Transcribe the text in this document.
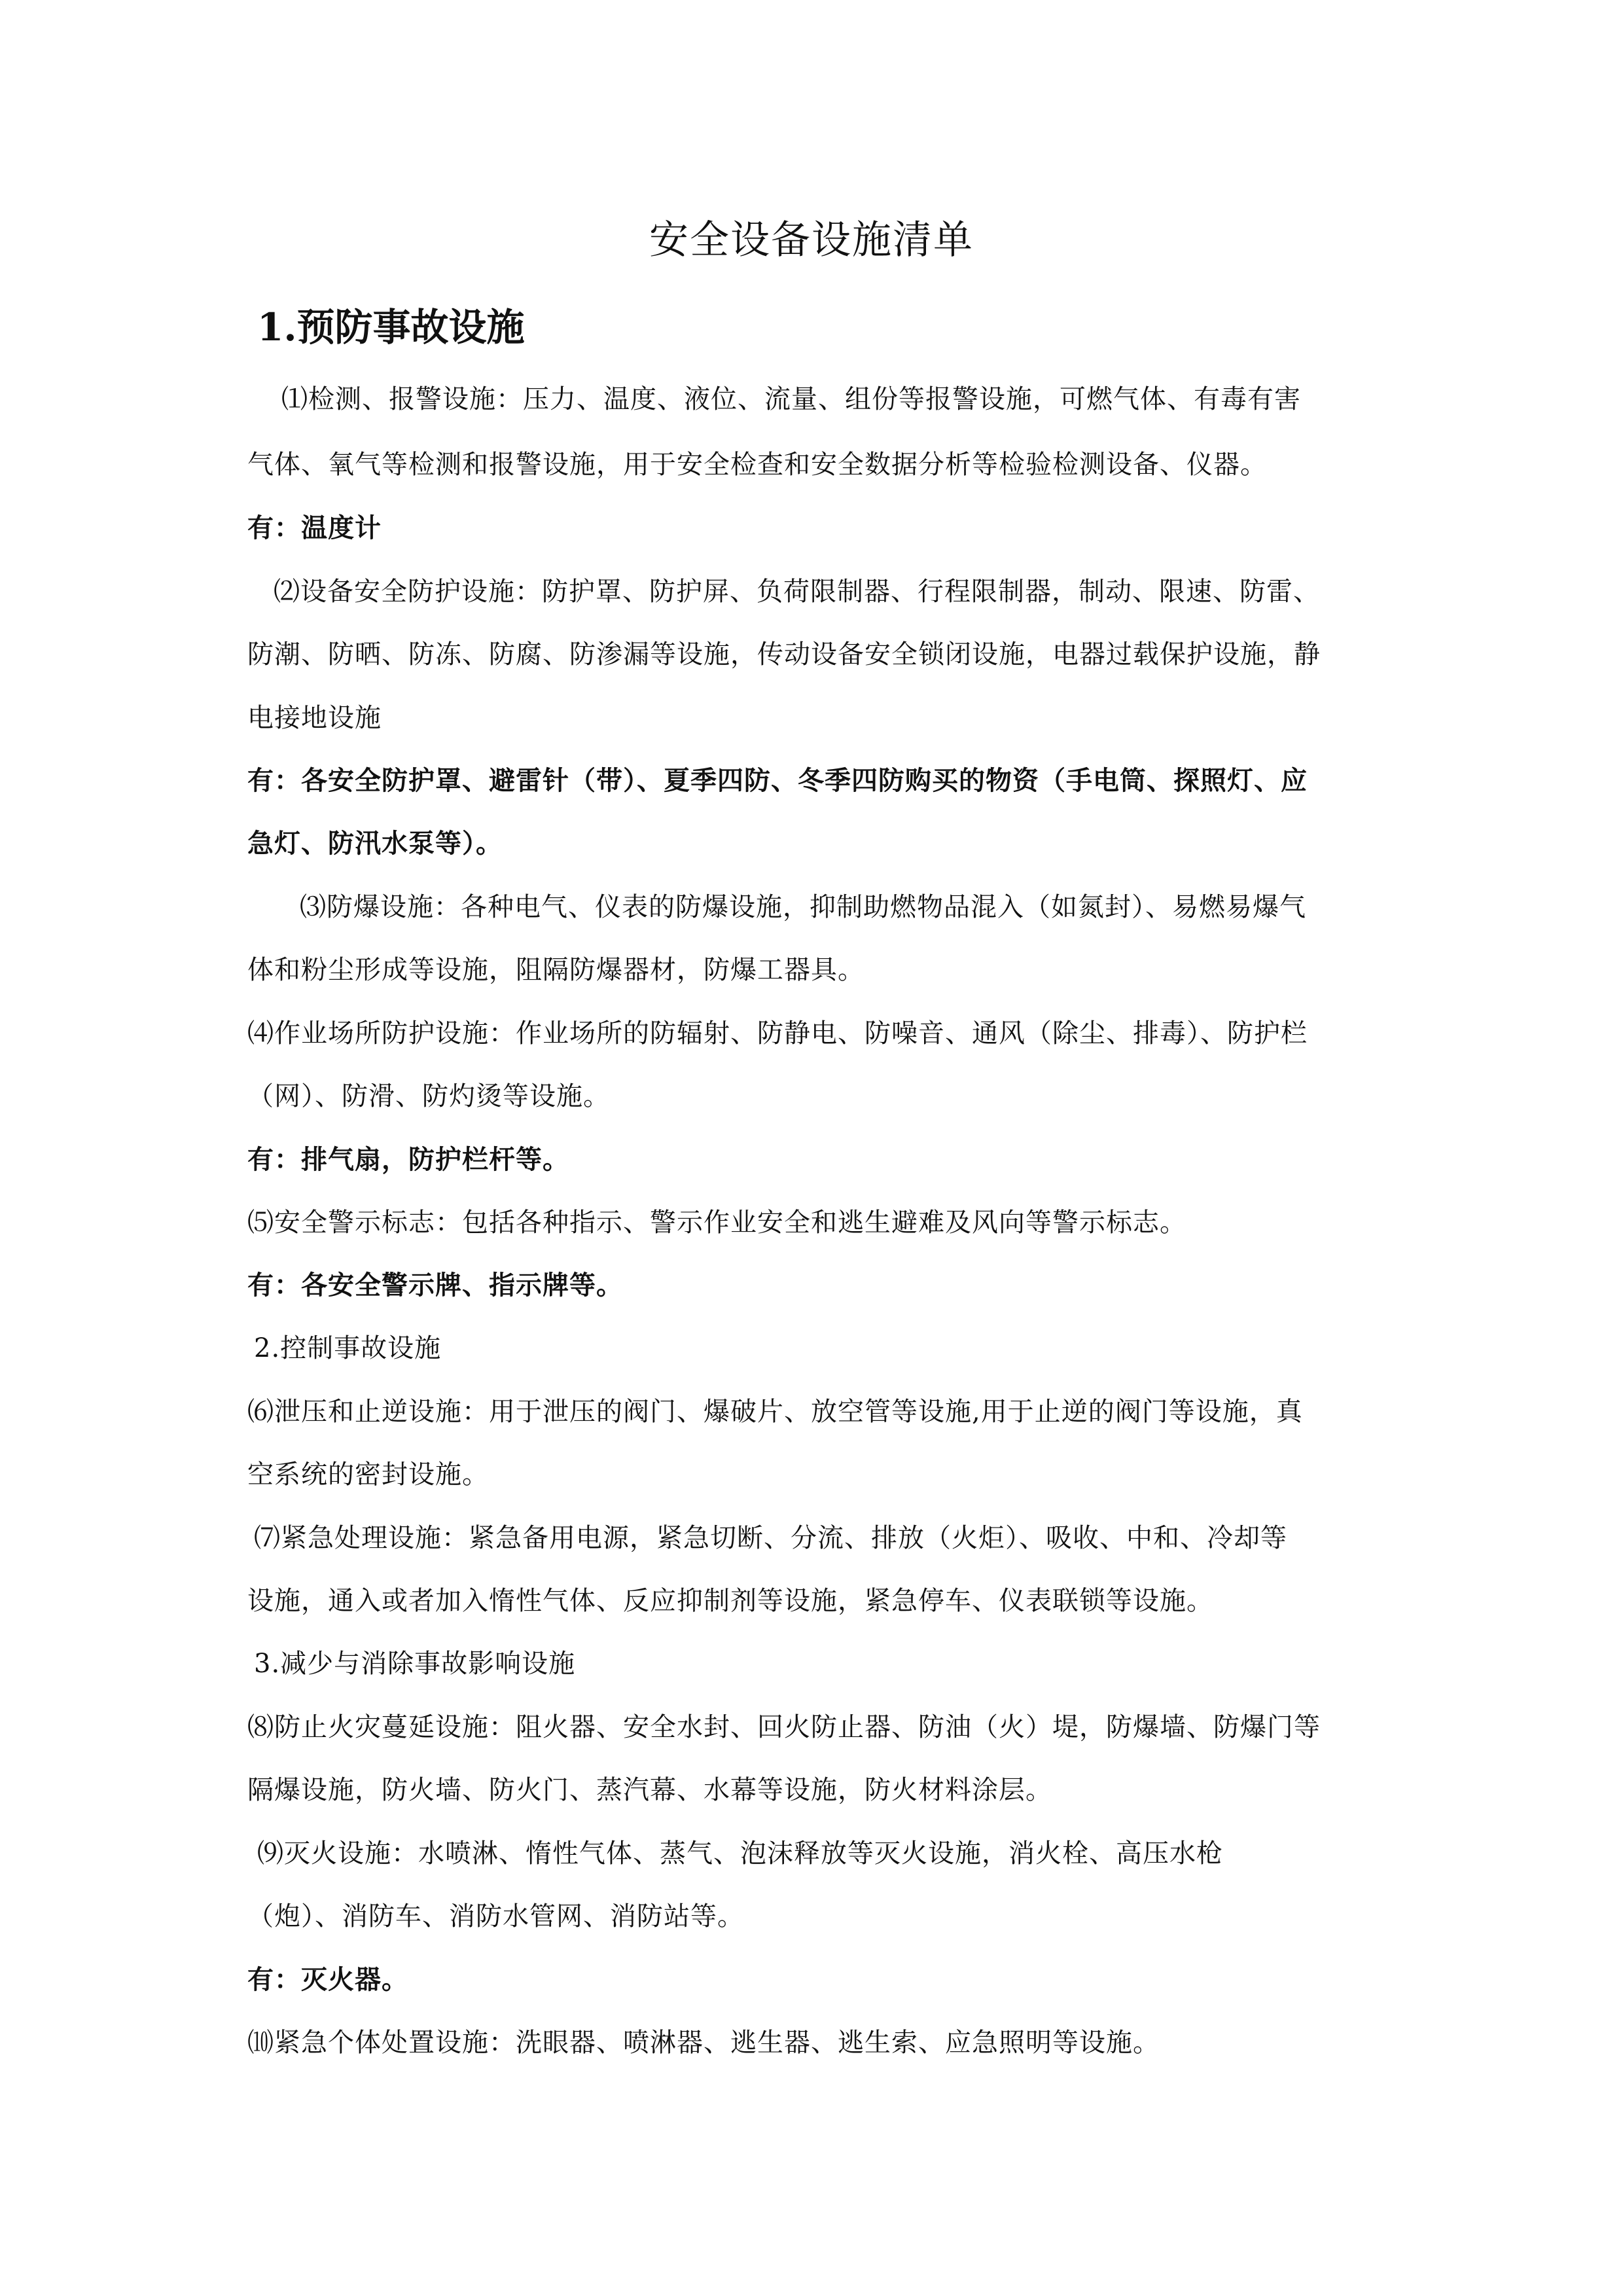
安全设备设施清单
1.预防事故设施
⑴检测、报警设施：压力、温度、液位、流量、组份等报警设施，可燃气体、有毒有害
气体、氧气等检测和报警设施，用于安全检查和安全数据分析等检验检测设备、仪器。
有：温度计
⑵设备安全防护设施：防护罩、防护屏、负荷限制器、行程限制器，制动、限速、防雷、
防潮、防晒、防冻、防腐、防渗漏等设施，传动设备安全锁闭设施，电器过载保护设施，静
电接地设施
有：各安全防护罩、避雷针（带）、夏季四防、冬季四防购买的物资（手电筒、探照灯、应
急灯、防汛水泵等）。
⑶防爆设施：各种电气、仪表的防爆设施，抑制助燃物品混入（如氮封）、易燃易爆气
体和粉尘形成等设施，阻隔防爆器材，防爆工器具。
⑷作业场所防护设施：作业场所的防辐射、防静电、防噪音、通风（除尘、排毒）、防护栏
（网）、防滑、防灼烫等设施。
有：排气扇，防护栏杆等。
⑸安全警示标志：包括各种指示、警示作业安全和逃生避难及风向等警示标志。
有：各安全警示牌、指示牌等。
2.控制事故设施
⑹泄压和止逆设施：用于泄压的阀门、爆破片、放空管等设施,用于止逆的阀门等设施，真
空系统的密封设施。
⑺紧急处理设施：紧急备用电源，紧急切断、分流、排放（火炬）、吸收、中和、冷却等
设施，通入或者加入惰性气体、反应抑制剂等设施，紧急停车、仪表联锁等设施。
3.减少与消除事故影响设施
⑻防止火灾蔓延设施：阻火器、安全水封、回火防止器、防油（火）堤，防爆墙、防爆门等
隔爆设施，防火墙、防火门、蒸汽幕、水幕等设施，防火材料涂层。
⑼灭火设施：水喷淋、惰性气体、蒸气、泡沫释放等灭火设施，消火栓、高压水枪
（炮）、消防车、消防水管网、消防站等。
有：灭火器。
⑽紧急个体处置设施：洗眼器、喷淋器、逃生器、逃生索、应急照明等设施。
